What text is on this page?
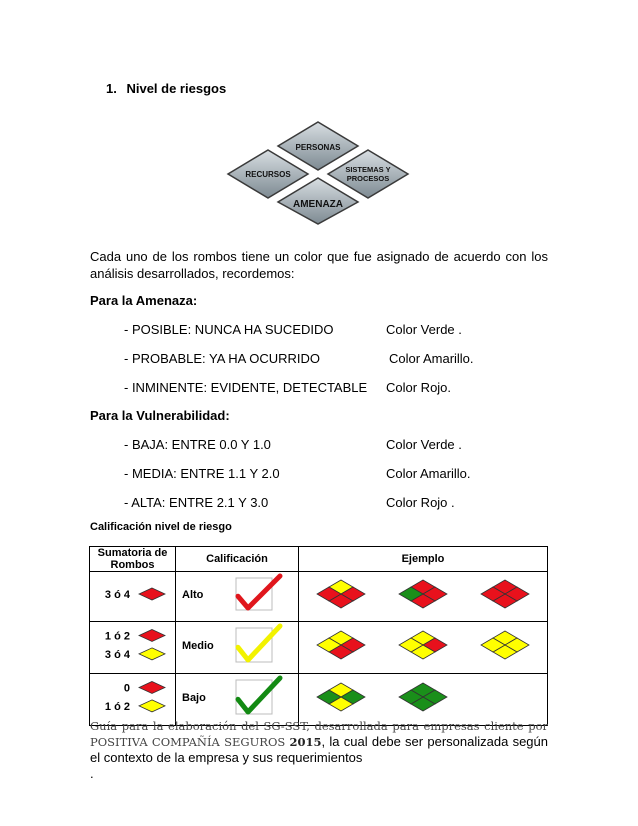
1. Nivel de riesgos
PERSONAS
RECURSOS
SISTEMAS Y
PROCESOS
AMENAZA
Cada uno de los rombos tiene un color que fue asignado de acuerdo con los análisis desarrollados, recordemos:
Para la Amenaza:
- POSIBLE: NUNCA HA SUCEDIDO	Color Verde .
- PROBABLE: YA HA OCURRIDO	Color Amarillo.
- INMINENTE: EVIDENTE, DETECTABLE Color Rojo.
Para la Vulnerabilidad:
- BAJA: ENTRE 0.0 Y 1.0	Color Verde .
- MEDIA: ENTRE 1.1 Y 2.0	Color Amarillo.
- ALTA: ENTRE 2.1 Y 3.0	Color Rojo .
Calificación nivel de riesgo
Sumatoria de Rombos	Calificación	Ejemplo

3 ó 4	Alto

1 ó 2
3 ó 4	Medio

0
1 ó 2	Bajo

Guía para la elaboración del SG-SST, desarrollada para empresas cliente por POSITIVA COMPAÑÍA SEGUROS 2015, la cual debe ser personalizada según el contexto de la empresa y sus requerimientos
.
